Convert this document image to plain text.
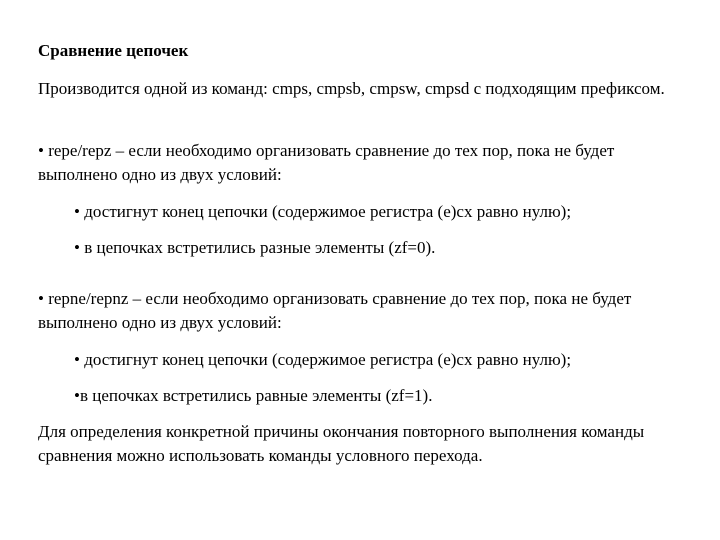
Сравнение цепочек
Производится одной из команд: cmps, cmpsb, cmpsw, cmpsd с подходящим префиксом.
• repe/repz – если необходимо организовать сравнение до тех пор, пока не будет выполнено одно из двух условий:
• достигнут конец цепочки (содержимое регистра (e)cx равно нулю);
• в цепочках встретились разные элементы (zf=0).
• repne/repnz – если необходимо организовать сравнение до тех пор, пока не будет выполнено одно из двух условий:
• достигнут конец цепочки (содержимое регистра (e)cx равно нулю);
•в цепочках встретились равные элементы (zf=1).
Для определения конкретной причины окончания повторного выполнения команды сравнения можно использовать команды условного перехода.
